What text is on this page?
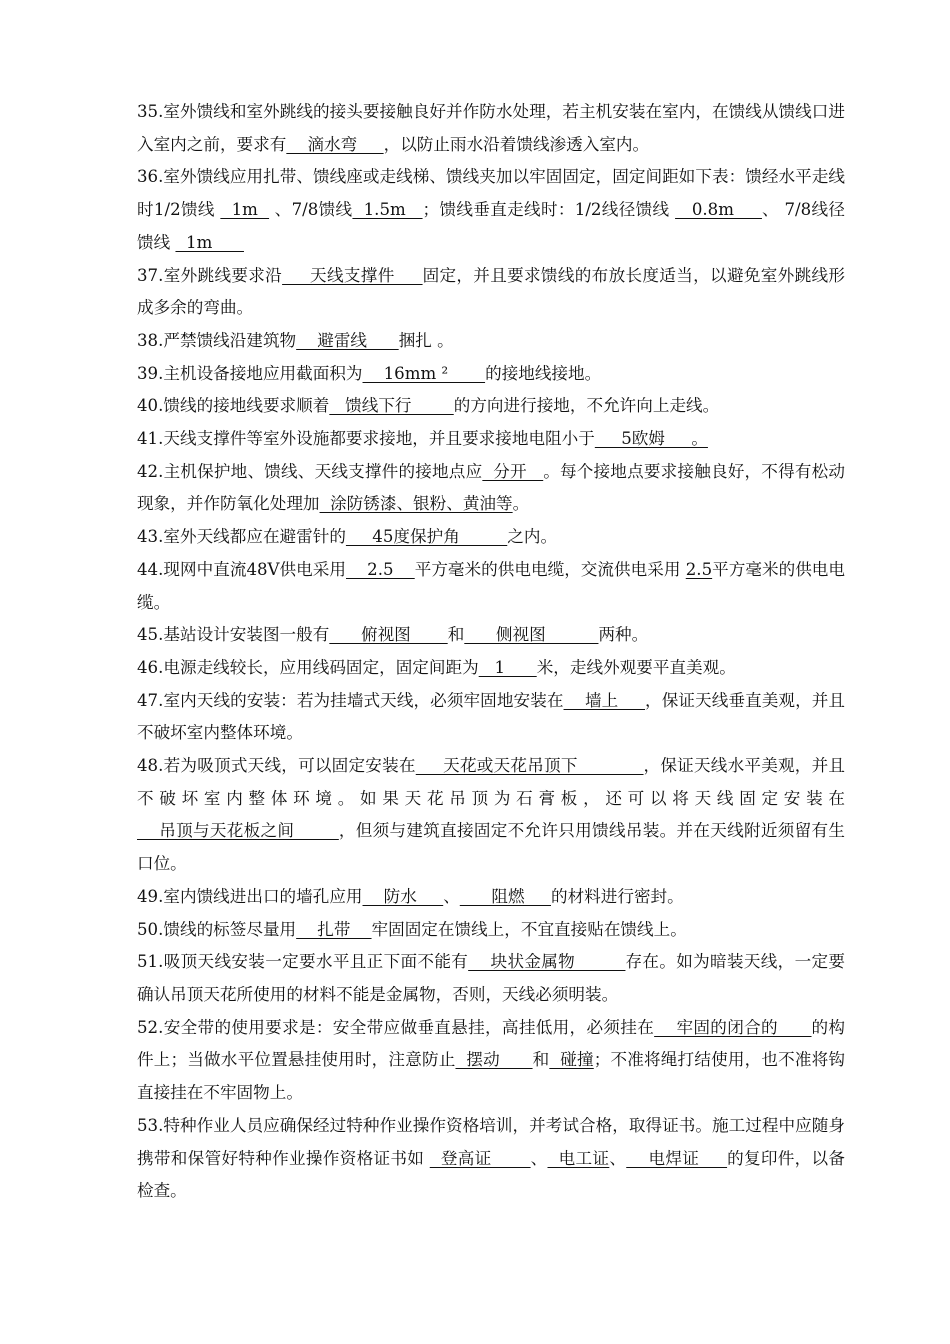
35.室外馈线和室外跳线的接头要接触良好并作防水处理，若主机安装在室内，在馈线从馈线口进入室内之前，要求有    滴水弯     ，以防止雨水沿着馈线渗透入室内。

36.室外馈线应用扎带、馈线座或走线梯、馈线夹加以牢固固定，固定间距如下表：馈经水平走线时1/2馈线   1m   、7/8馈线  1.5m   ；馈线垂直走线时：1/2线径馈线    0.8m     、 7/8线径馈线   1m

37.室外跳线要求沿     天线支撑件     固定，并且要求馈线的布放长度适当，以避免室外跳线形成多余的弯曲。

38.严禁馈线沿建筑物    避雷线      捆扎 。

39.主机设备接地应用截面积为    16mm ²       的接地线接地。

40.馈线的接地线要求顺着   馈线下行        的方向进行接地，不允许向上走线。

41.天线支撑件等室外设施都要求接地，并且要求接地电阻小于     5欧姆     。

42.主机保护地、馈线、天线支撑件的接地点应  分开   。每个接地点要求接触良好，不得有松动现象，并作防氧化处理加  涂防锈漆、银粉、黄油等。

43.室外天线都应在避雷针的     45度保护角         之内。

44.现网中直流48V供电采用    2.5    平方毫米的供电电缆，交流供电采用 2.5平方毫米的供电电缆。

45.基站设计安装图一般有      俯视图       和      侧视图          两种。

46.电源走线较长，应用线码固定，固定间距为   1      米，走线外观要平直美观。

47.室内天线的安装：若为挂墙式天线，必须牢固地安装在    墙上     ，保证天线垂直美观，并且不破坏室内整体环境。

48.若为吸顶式天线，可以固定安装在     天花或天花吊顶下            ，保证天线水平美观，并且不破坏室内整体环境。如果天花吊顶为石膏板，还可以将天线固定安装在    吊顶与天花板之间        ，但须与建筑直接固定不允许只用馈线吊装。并在天线附近须留有生口位。

49.室内馈线进出口的墙孔应用    防水     、      阻燃     的材料进行密封。

50.馈线的标签尽量用    扎带    牢固固定在馈线上，不宜直接贴在馈线上。

51.吸顶天线安装一定要水平且正下面不能有    块状金属物         存在。如为暗装天线，一定要确认吊顶天花所使用的材料不能是金属物，否则，天线必须明装。

52.安全带的使用要求是：安全带应做垂直悬挂，高挂低用，必须挂在    牢固的闭合的      的构件上；当做水平位置悬挂使用时，注意防止  摆动      和  碰撞；不准将绳打结使用，也不准将钩直接挂在不牢固物上。

53.特种作业人员应确保经过特种作业操作资格培训，并考试合格，取得证书。施工过程中应随身携带和保管好特种作业操作资格证书如   登高证       、  电工证、    电焊证     的复印件，以备检查。
